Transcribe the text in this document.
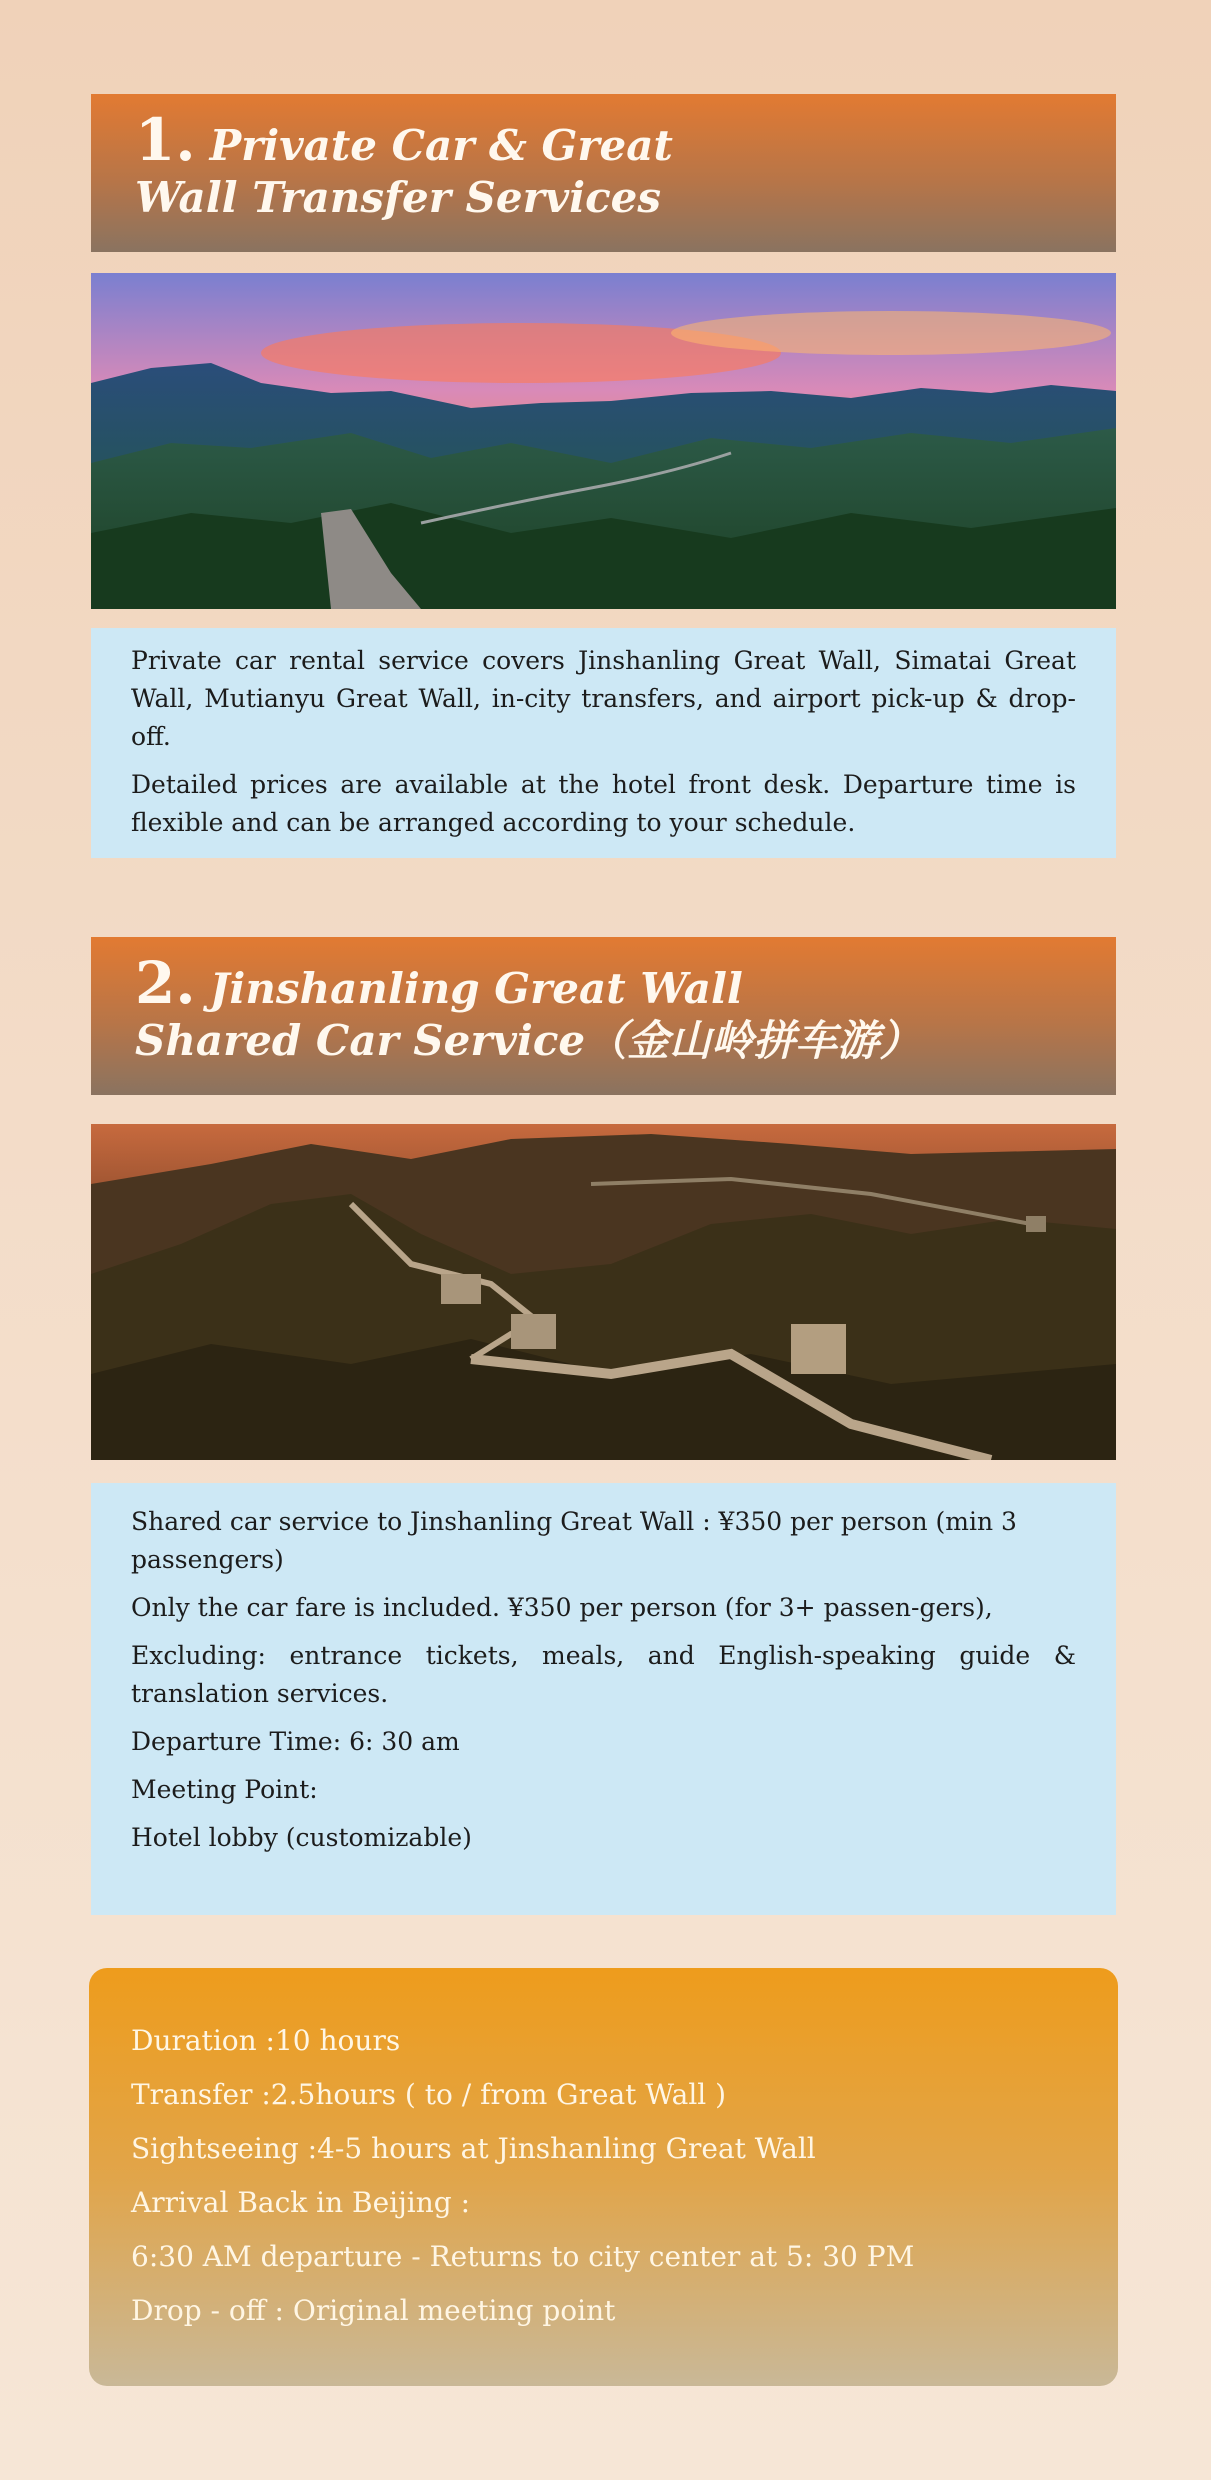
1. Private Car & Great
Wall Transfer Services

Private car rental service covers Jinshanling Great Wall, Simatai Great Wall, Mutianyu Great Wall, in-city transfers, and airport pick-up & drop-off.

Detailed prices are available at the hotel front desk. Departure time is flexible and can be arranged according to your schedule.

2. Jinshanling Great Wall
Shared Car Service（金山岭拼车游）

Shared car service to Jinshanling Great Wall : ¥350 per person (min 3 passengers)

Only the car fare is included. ¥350 per person (for 3+ passen-gers),

Excluding: entrance tickets, meals, and English-speaking guide & translation services.

Departure Time: 6: 30 am

Meeting Point:

Hotel lobby (customizable)

Duration :10 hours
Transfer :2.5hours ( to / from Great Wall )
Sightseeing :4-5 hours at Jinshanling Great Wall
Arrival Back in Beijing :
6:30 AM departure - Returns to city center at 5: 30 PM
Drop - off : Original meeting point
